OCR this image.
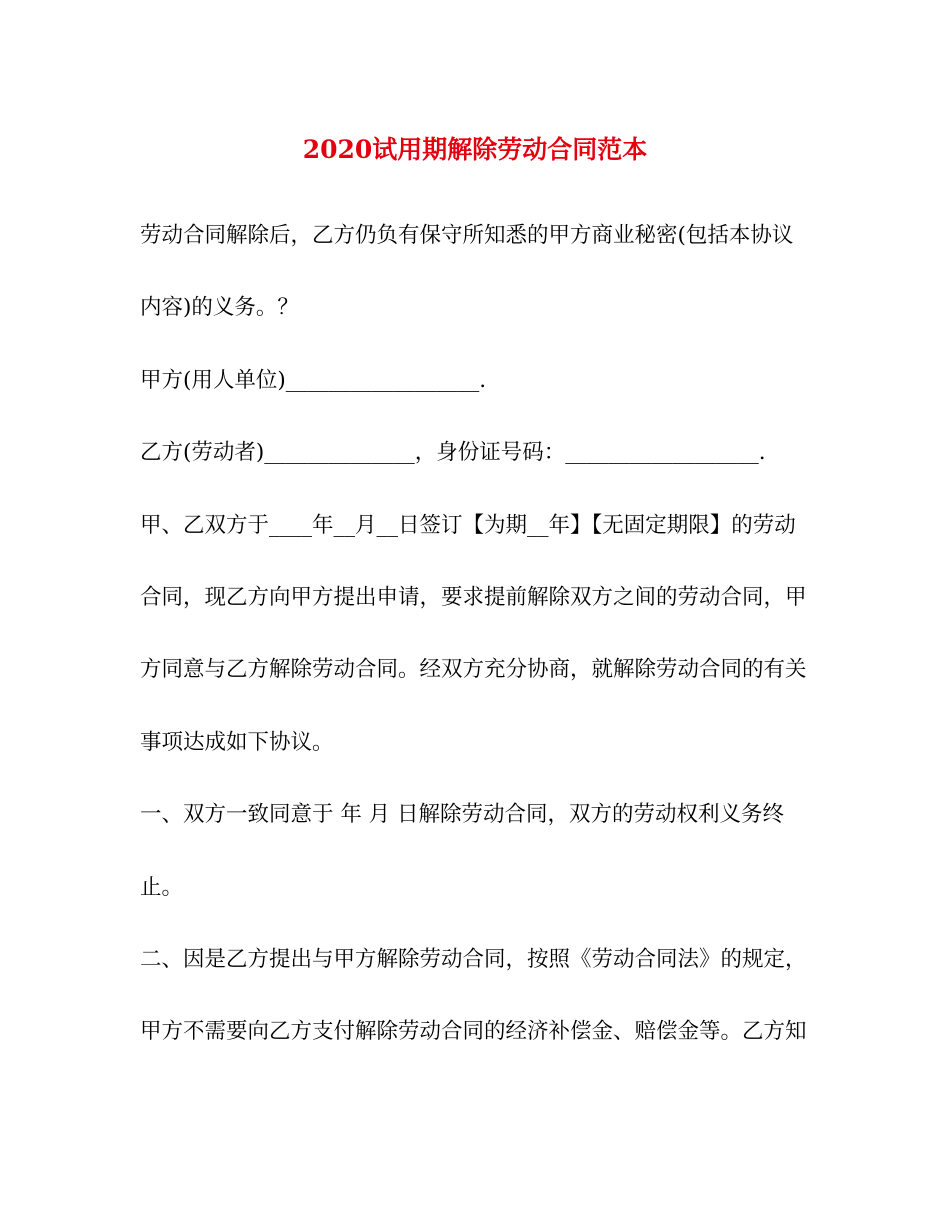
2020试用期解除劳动合同范本
劳动合同解除后，乙方仍负有保守所知悉的甲方商业秘密(包括本协议
内容)的义务。？
甲方(用人单位)__________________.
乙方(劳动者)______________，身份证号码：__________________.
甲、乙双方于____年__月__日签订【为期__年】【无固定期限】的劳动
合同，现乙方向甲方提出申请，要求提前解除双方之间的劳动合同，甲
方同意与乙方解除劳动合同。经双方充分协商，就解除劳动合同的有关
事项达成如下协议。
一、双方一致同意于 年 月 日解除劳动合同，双方的劳动权利义务终
止。
二、因是乙方提出与甲方解除劳动合同，按照《劳动合同法》的规定，
甲方不需要向乙方支付解除劳动合同的经济补偿金、赔偿金等。乙方知
